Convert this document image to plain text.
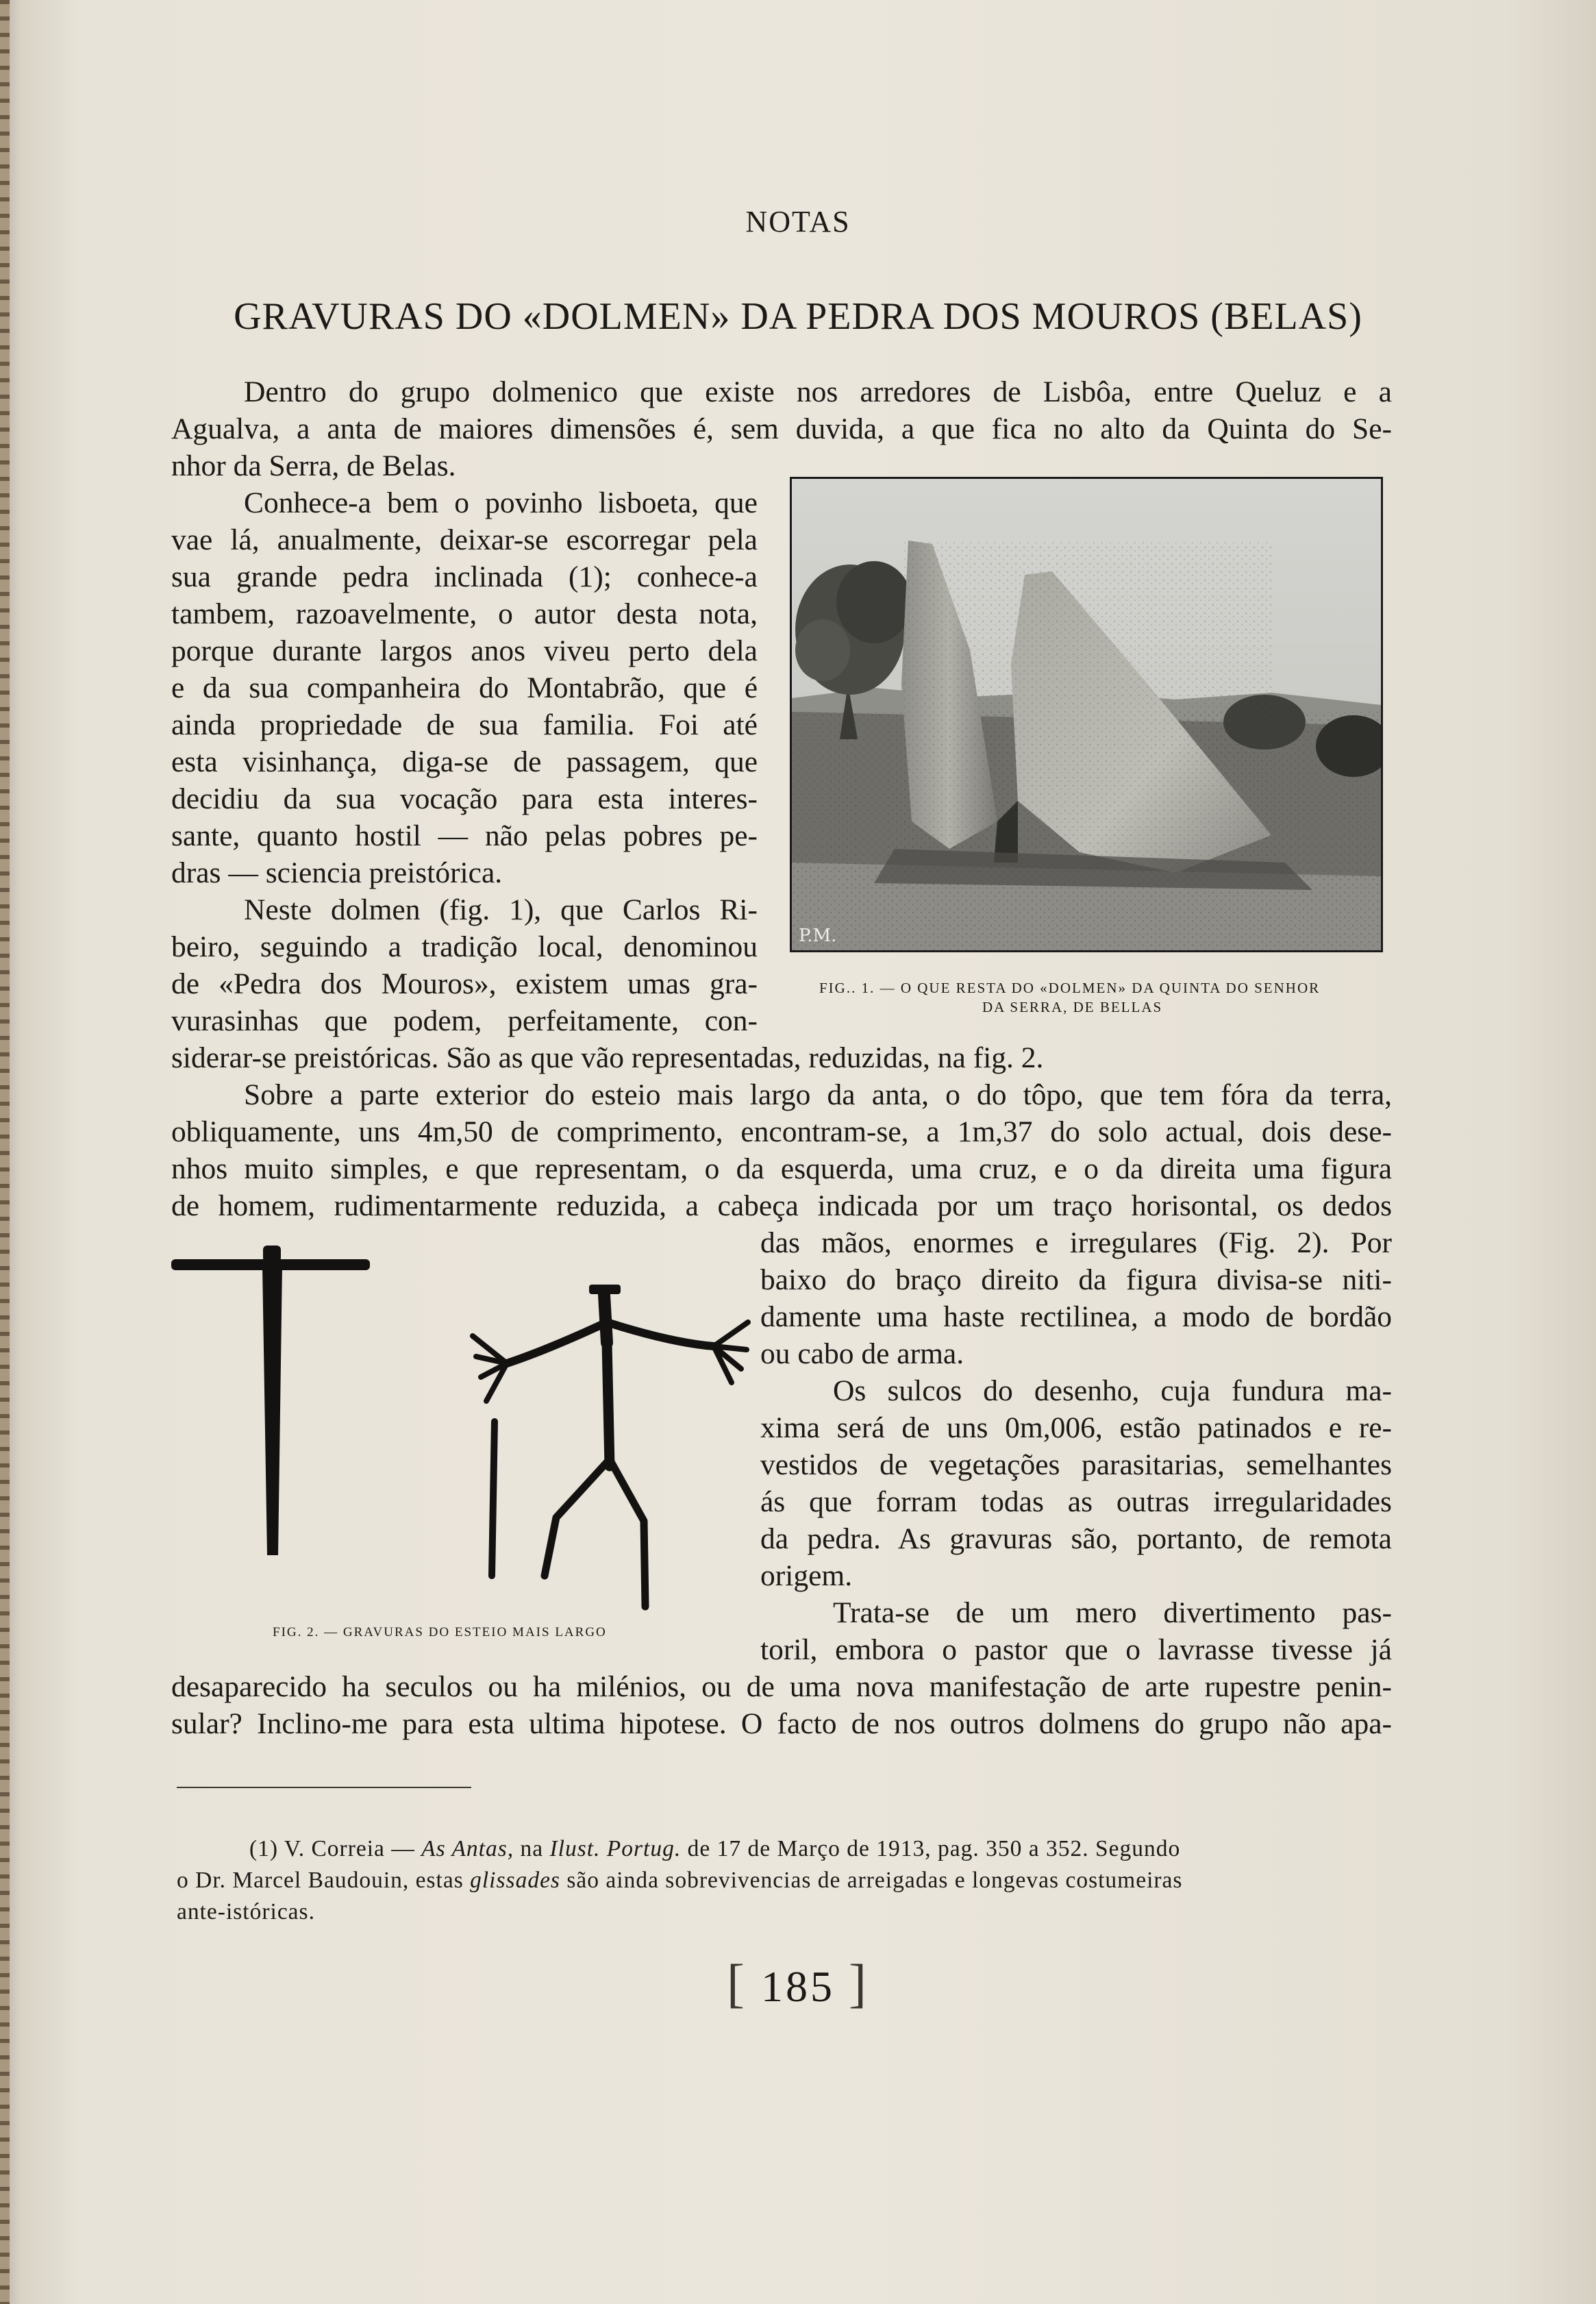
NOTAS
GRAVURAS DO «DOLMEN» DA PEDRA DOS MOUROS (BELAS)
Dentro do grupo dolmenico que existe nos arredores de Lisbôa, entre Queluz e a
Agualva, a anta de maiores dimensões é, sem duvida, a que fica no alto da Quinta do Se-
nhor da Serra, de Belas.
Conhece-a bem o povinho lisboeta, que
vae lá, anualmente, deixar-se escorregar pela
sua grande pedra inclinada (1); conhece-a
tambem, razoavelmente, o autor desta nota,
porque durante largos anos viveu perto dela
e da sua companheira do Montabrão, que é
ainda propriedade de sua familia. Foi até
esta visinhança, diga-se de passagem, que
decidiu da sua vocação para esta interes-
sante, quanto hostil — não pelas pobres pe-
dras — sciencia preistórica.
Neste dolmen (fig. 1), que Carlos Ri-
beiro, seguindo a tradição local, denominou
de «Pedra dos Mouros», existem umas gra-
vurasinhas que podem, perfeitamente, con-
siderar-se preistóricas. São as que vão representadas, reduzidas, na fig. 2.
P.M.
FIG.. 1. — O QUE RESTA DO «DOLMEN» DA QUINTA DO SENHOR
DA SERRA, DE BELLAS
Sobre a parte exterior do esteio mais largo da anta, o do tôpo, que tem fóra da terra,
obliquamente, uns 4m,50 de comprimento, encontram-se, a 1m,37 do solo actual, dois dese-
nhos muito simples, e que representam, o da esquerda, uma cruz, e o da direita uma figura
de homem, rudimentarmente reduzida, a cabeça indicada por um traço horisontal, os dedos
das mãos, enormes e irregulares (Fig. 2). Por
baixo do braço direito da figura divisa-se niti-
damente uma haste rectilinea, a modo de bordão
ou cabo de arma.
Os sulcos do desenho, cuja fundura ma-
xima será de uns 0m,006, estão patinados e re-
vestidos de vegetações parasitarias, semelhantes
ás que forram todas as outras irregularidades
da pedra. As gravuras são, portanto, de remota
origem.
Trata-se de um mero divertimento pas-
toril, embora o pastor que o lavrasse tivesse já
desaparecido ha seculos ou ha milénios, ou de uma nova manifestação de arte rupestre penin-
sular? Inclino-me para esta ultima hipotese. O facto de nos outros dolmens do grupo não apa-
FIG. 2. — GRAVURAS DO ESTEIO MAIS LARGO
(1) V. Correia — As Antas, na Ilust. Portug. de 17 de Março de 1913, pag. 350 a 352. Segundo
o Dr. Marcel Baudouin, estas glissades são ainda sobrevivencias de arreigadas e longevas costumeiras
ante-istóricas.
[ 185 ]
